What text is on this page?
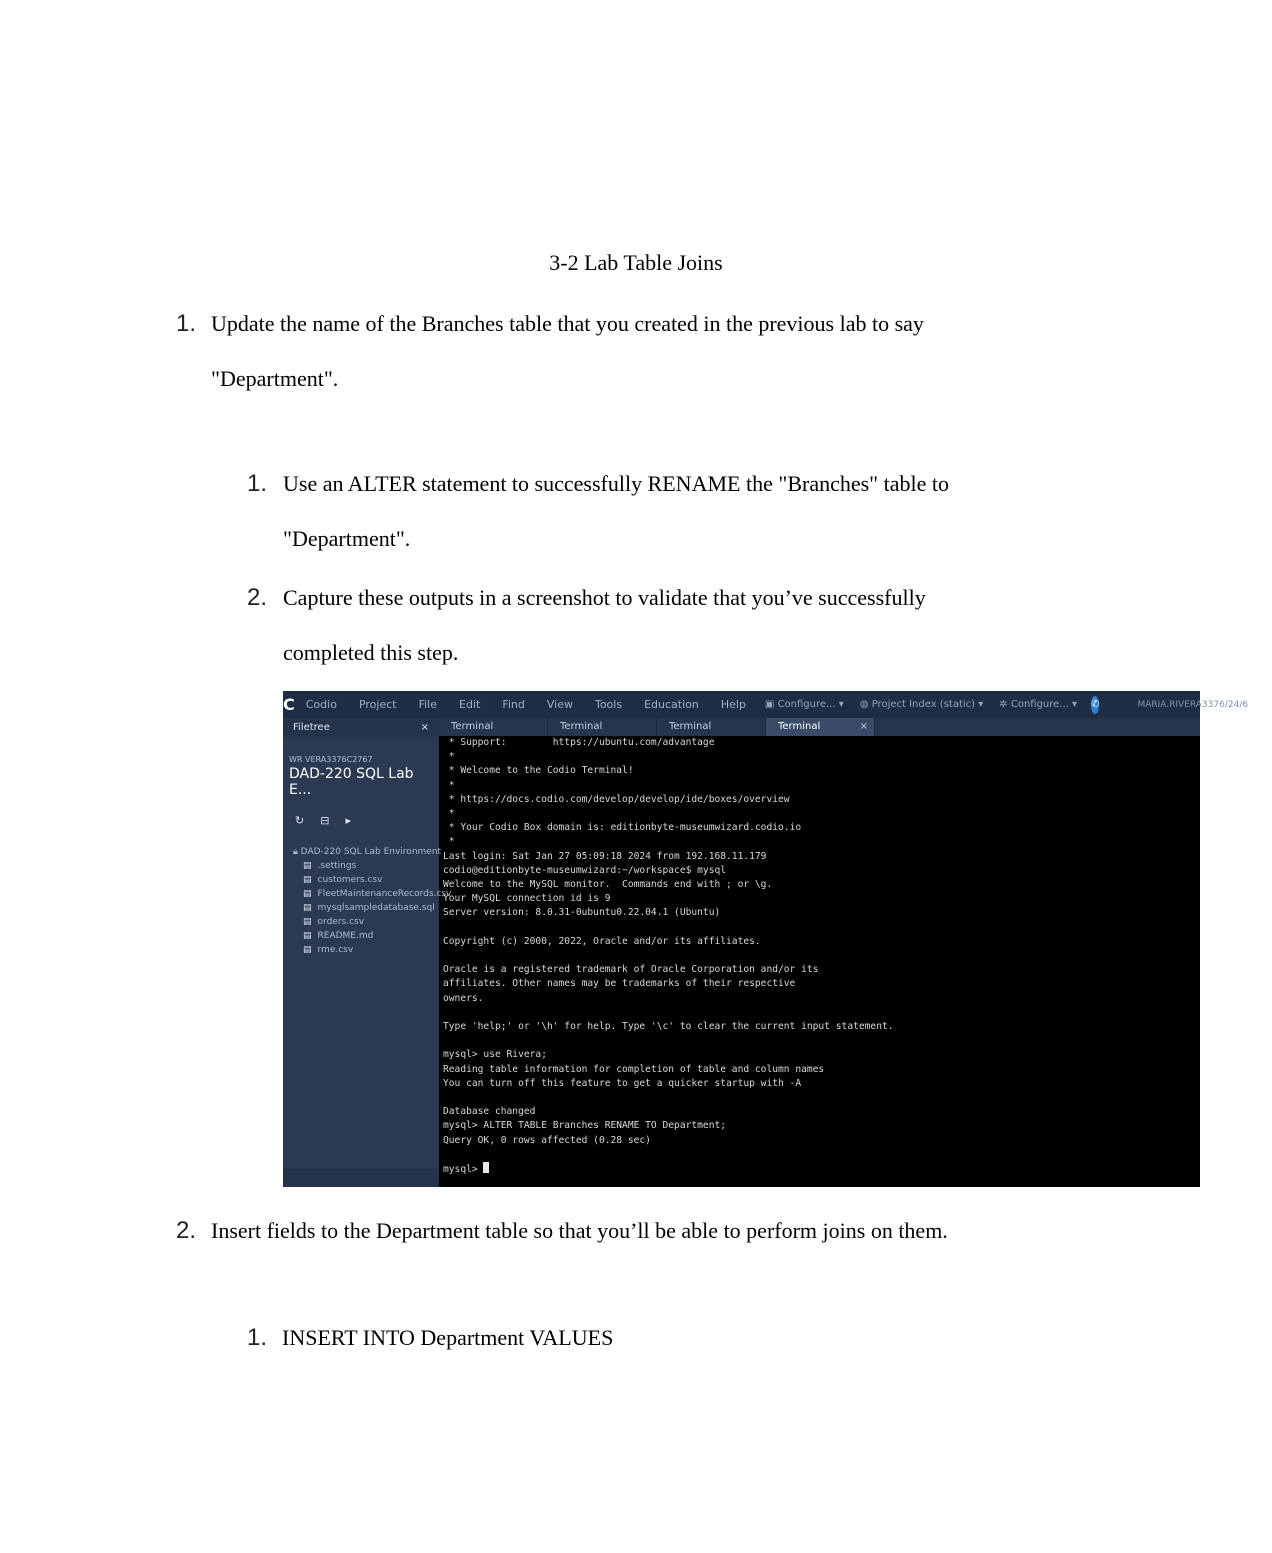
3-2 Lab Table Joins
1. Update the name of the Branches table that you created in the previous lab to say
"Department".
1. Use an ALTER statement to successfully RENAME the "Branches" table to
"Department".
2. Capture these outputs in a screenshot to validate that you’ve successfully
completed this step.
C	Codio	Project	File	Edit	Find	View	Tools	Education	Help	▣ Configure... ▾	◍ Project Index (static) ▾	✲ Configure... ▾	✆	MARIA.RIVERA3376/24/6
Filetree	×
WR VERA3376C2767
DAD-220 SQL Lab E...
↻ ⊟ ▸
🔒︎ DAD-220 SQL Lab Environment
▤ .settings
▤ customers.csv
▤ FleetMaintenanceRecords.csv
▤ mysqlsampledatabase.sql
▤ orders.csv
▤ README.md
▤ rme.csv
Terminal	Terminal	Terminal	Terminal	×
* Support:        https://ubuntu.com/advantage
*
* Welcome to the Codio Terminal!
*
* https://docs.codio.com/develop/develop/ide/boxes/overview
*
* Your Codio Box domain is: editionbyte-museumwizard.codio.io
*
Last login: Sat Jan 27 05:09:18 2024 from 192.168.11.179
codio@editionbyte-museumwizard:~/workspace$ mysql
Welcome to the MySQL monitor.  Commands end with ; or \g.
Your MySQL connection id is 9
Server version: 8.0.31-0ubuntu0.22.04.1 (Ubuntu)

Copyright (c) 2000, 2022, Oracle and/or its affiliates.

Oracle is a registered trademark of Oracle Corporation and/or its
affiliates. Other names may be trademarks of their respective
owners.

Type 'help;' or '\h' for help. Type '\c' to clear the current input statement.

mysql> use Rivera;
Reading table information for completion of table and column names
You can turn off this feature to get a quicker startup with -A

Database changed
mysql> ALTER TABLE Branches RENAME TO Department;
Query OK, 0 rows affected (0.28 sec)

mysql>
2. Insert fields to the Department table so that you’ll be able to perform joins on them.
1. INSERT INTO Department VALUES
